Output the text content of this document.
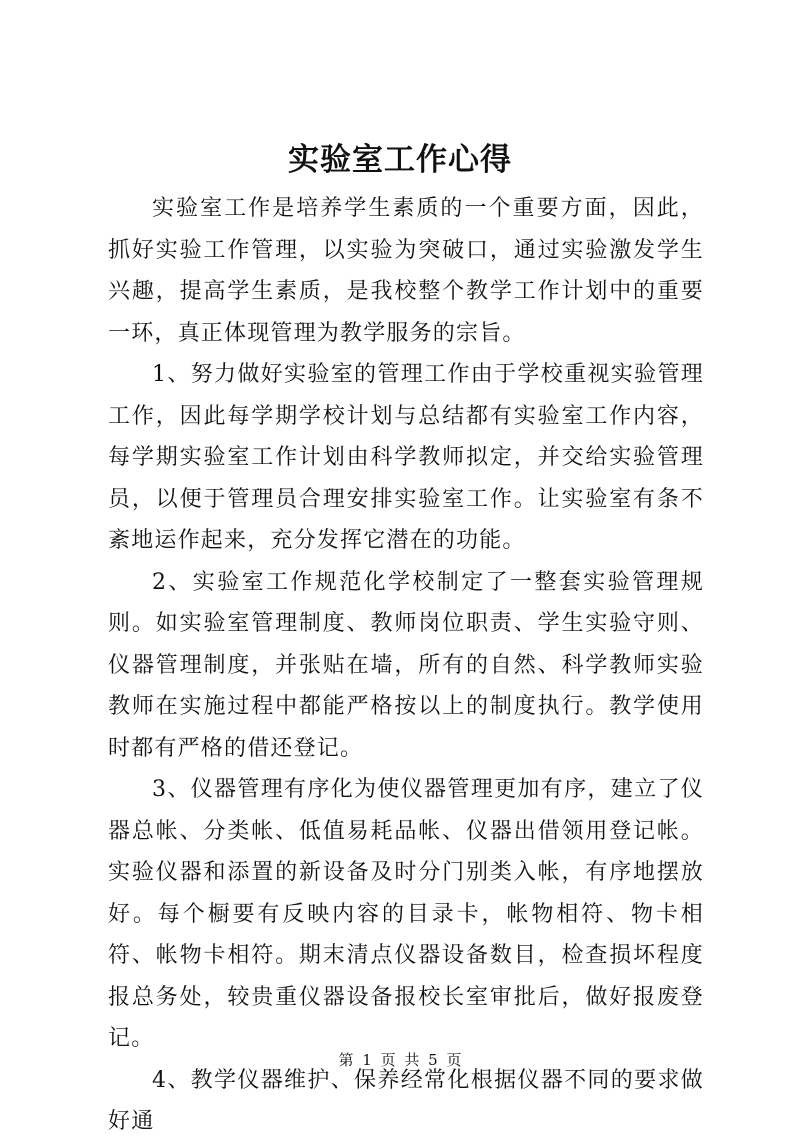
实验室工作心得

实验室工作是培养学生素质的一个重要方面，因此，抓好实验工作管理，以实验为突破口，通过实验激发学生兴趣，提高学生素质，是我校整个教学工作计划中的重要一环，真正体现管理为教学服务的宗旨。

1、努力做好实验室的管理工作由于学校重视实验管理工作，因此每学期学校计划与总结都有实验室工作内容，每学期实验室工作计划由科学教师拟定，并交给实验管理员，以便于管理员合理安排实验室工作。让实验室有条不紊地运作起来，充分发挥它潜在的功能。

2、实验室工作规范化学校制定了一整套实验管理规则。如实验室管理制度、教师岗位职责、学生实验守则、仪器管理制度，并张贴在墙，所有的自然、科学教师实验教师在实施过程中都能严格按以上的制度执行。教学使用时都有严格的借还登记。

3、仪器管理有序化为使仪器管理更加有序，建立了仪器总帐、分类帐、低值易耗品帐、仪器出借领用登记帐。实验仪器和添置的新设备及时分门别类入帐，有序地摆放好。每个橱要有反映内容的目录卡，帐物相符、物卡相符、帐物卡相符。期末清点仪器设备数目，检查损坏程度报总务处，较贵重仪器设备报校长室审批后，做好报废登记。

4、教学仪器维护、保养经常化根据仪器不同的要求做好通

第 1 页 共 5 页
